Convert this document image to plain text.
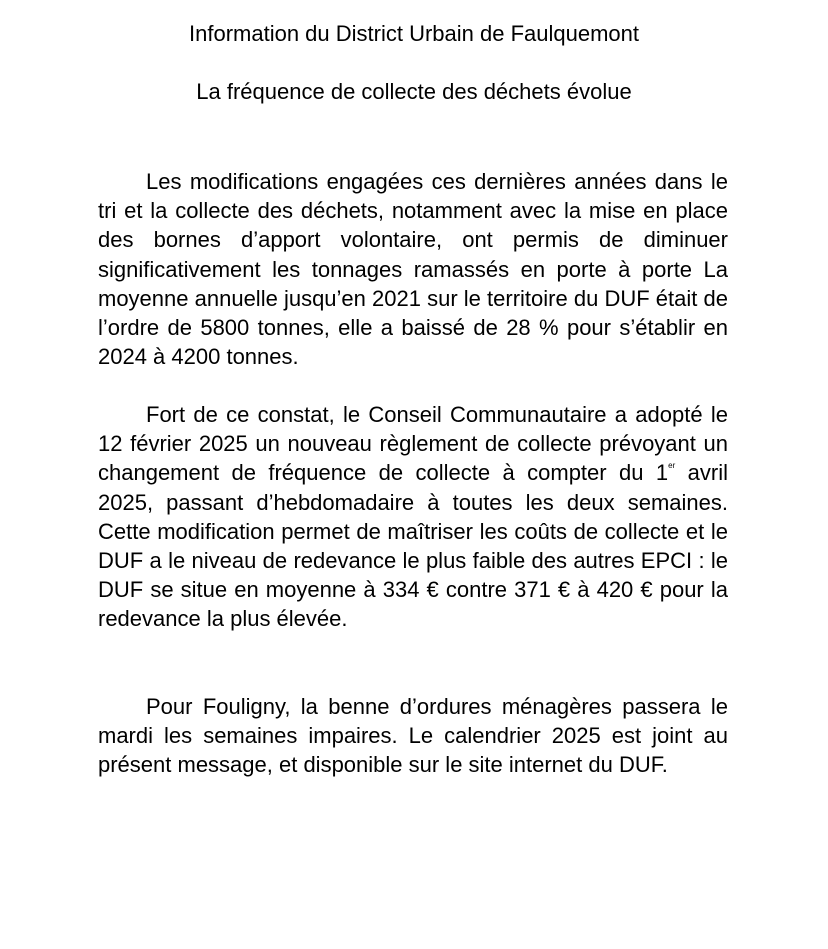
Information du District Urbain de Faulquemont
La fréquence de collecte des déchets évolue

Les modifications engagées ces dernières années dans le tri et la collecte des déchets, notamment avec la mise en place des bornes d’apport volontaire, ont permis de diminuer significativement les tonnages ramassés en porte à porte La moyenne annuelle jusqu’en 2021 sur le territoire du DUF était de l’ordre de 5800 tonnes, elle a baissé de 28 % pour s’établir en 2024 à 4200 tonnes.

Fort de ce constat, le Conseil Communautaire a adopté le 12 février 2025 un nouveau règlement de collecte prévoyant un changement de fréquence de collecte à compter du 1er avril 2025, passant d’hebdomadaire à toutes les deux semaines. Cette modification permet de maîtriser les coûts de collecte et le DUF a le niveau de redevance le plus faible des autres EPCI : le DUF se situe en moyenne à 334 € contre 371 € à 420 € pour la redevance la plus élevée.

Pour Fouligny, la benne d’ordures ménagères passera le mardi les semaines impaires. Le calendrier 2025 est joint au présent message, et disponible sur le site internet du DUF.
